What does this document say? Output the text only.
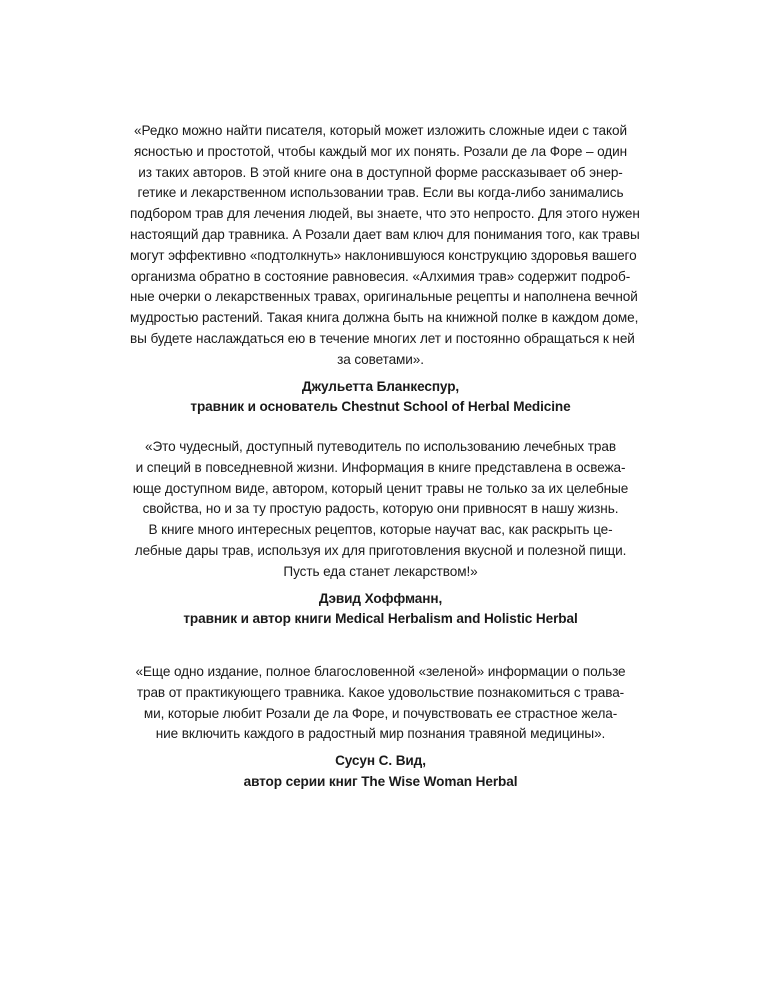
«Редко можно найти писателя, который может изложить сложные идеи с такой
ясностью и простотой, чтобы каждый мог их понять. Розали де ла Форе – один
из таких авторов. В этой книге она в доступной форме рассказывает об энер-
гетике и лекарственном использовании трав. Если вы когда-либо занимались
подбором трав для лечения людей, вы знаете, что это непросто. Для этого нужен
настоящий дар травника. А Розали дает вам ключ для понимания того, как травы
могут эффективно «подтолкнуть» наклонившуюся конструкцию здоровья вашего
организма обратно в состояние равновесия. «Алхимия трав» содержит подроб-
ные очерки о лекарственных травах, оригинальные рецепты и наполнена вечной
мудростью растений. Такая книга должна быть на книжной полке в каждом доме,
вы будете наслаждаться ею в течение многих лет и постоянно обращаться к ней
за советами».
Джульетта Бланкеспур,
травник и основатель Chestnut School of Herbal Medicine
«Это чудесный, доступный путеводитель по использованию лечебных трав
и специй в повседневной жизни. Информация в книге представлена в освежа-
юще доступном виде, автором, который ценит травы не только за их целебные
свойства, но и за ту простую радость, которую они привносят в нашу жизнь.
В книге много интересных рецептов, которые научат вас, как раскрыть це-
лебные дары трав, используя их для приготовления вкусной и полезной пищи.
Пусть еда станет лекарством!»
Дэвид Хоффманн,
травник и автор книги Medical Herbalism and Holistic Herbal
«Еще одно издание, полное благословенной «зеленой» информации о пользе
трав от практикующего травника. Какое удовольствие познакомиться с трава-
ми, которые любит Розали де ла Форе, и почувствовать ее страстное жела-
ние включить каждого в радостный мир познания травяной медицины».
Сусун С. Вид,
автор серии книг The Wise Woman Herbal
